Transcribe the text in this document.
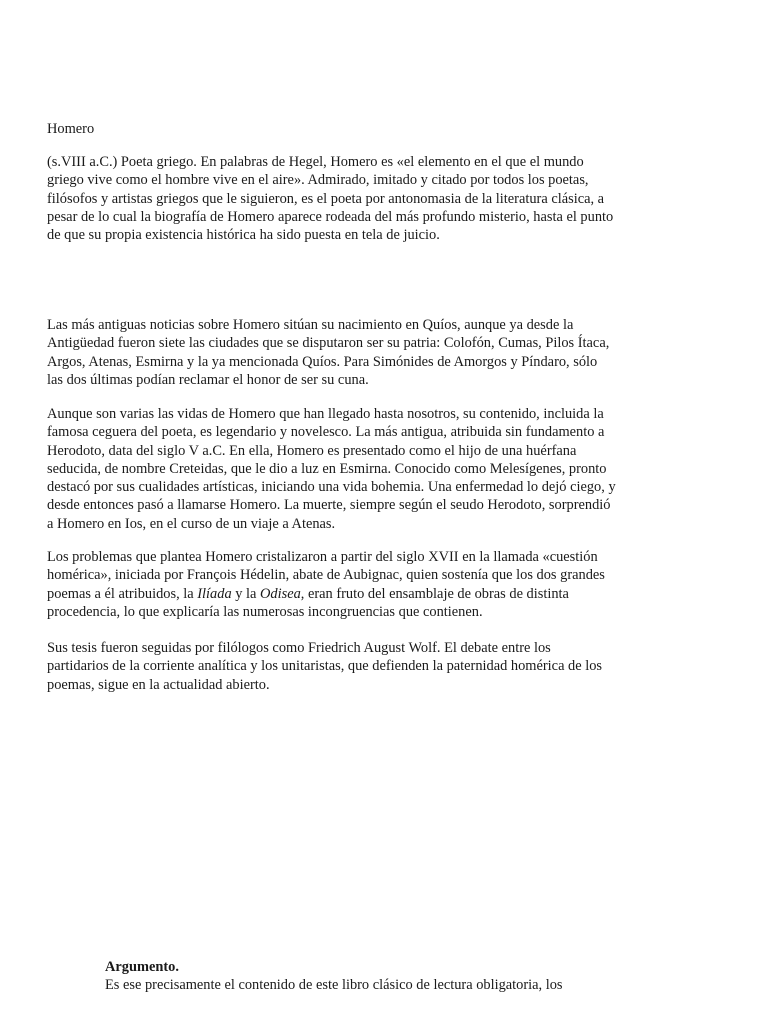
Homero

(s.VIII a.C.) Poeta griego. En palabras de Hegel, Homero es «el elemento en el que el mundo
griego vive como el hombre vive en el aire». Admirado, imitado y citado por todos los poetas,
filósofos y artistas griegos que le siguieron, es el poeta por antonomasia de la literatura clásica, a
pesar de lo cual la biografía de Homero aparece rodeada del más profundo misterio, hasta el punto
de que su propia existencia histórica ha sido puesta en tela de juicio.

Las más antiguas noticias sobre Homero sitúan su nacimiento en Quíos, aunque ya desde la
Antigüedad fueron siete las ciudades que se disputaron ser su patria: Colofón, Cumas, Pilos Ítaca,
Argos, Atenas, Esmirna y la ya mencionada Quíos. Para Simónides de Amorgos y Píndaro, sólo
las dos últimas podían reclamar el honor de ser su cuna.

Aunque son varias las vidas de Homero que han llegado hasta nosotros, su contenido, incluida la
famosa ceguera del poeta, es legendario y novelesco. La más antigua, atribuida sin fundamento a
Herodoto, data del siglo V a.C. En ella, Homero es presentado como el hijo de una huérfana
seducida, de nombre Creteidas, que le dio a luz en Esmirna. Conocido como Melesígenes, pronto
destacó por sus cualidades artísticas, iniciando una vida bohemia. Una enfermedad lo dejó ciego, y
desde entonces pasó a llamarse Homero. La muerte, siempre según el seudo Herodoto, sorprendió
a Homero en Ios, en el curso de un viaje a Atenas.

Los problemas que plantea Homero cristalizaron a partir del siglo XVII en la llamada «cuestión
homérica», iniciada por François Hédelin, abate de Aubignac, quien sostenía que los dos grandes
poemas a él atribuidos, la Ilíada y la Odisea, eran fruto del ensamblaje de obras de distinta
procedencia, lo que explicaría las numerosas incongruencias que contienen.

Sus tesis fueron seguidas por filólogos como Friedrich August Wolf. El debate entre los
partidarios de la corriente analítica y los unitaristas, que defienden la paternidad homérica de los
poemas, sigue en la actualidad abierto.

Argumento.

Es ese precisamente el contenido de este libro clásico de lectura obligatoria, los
